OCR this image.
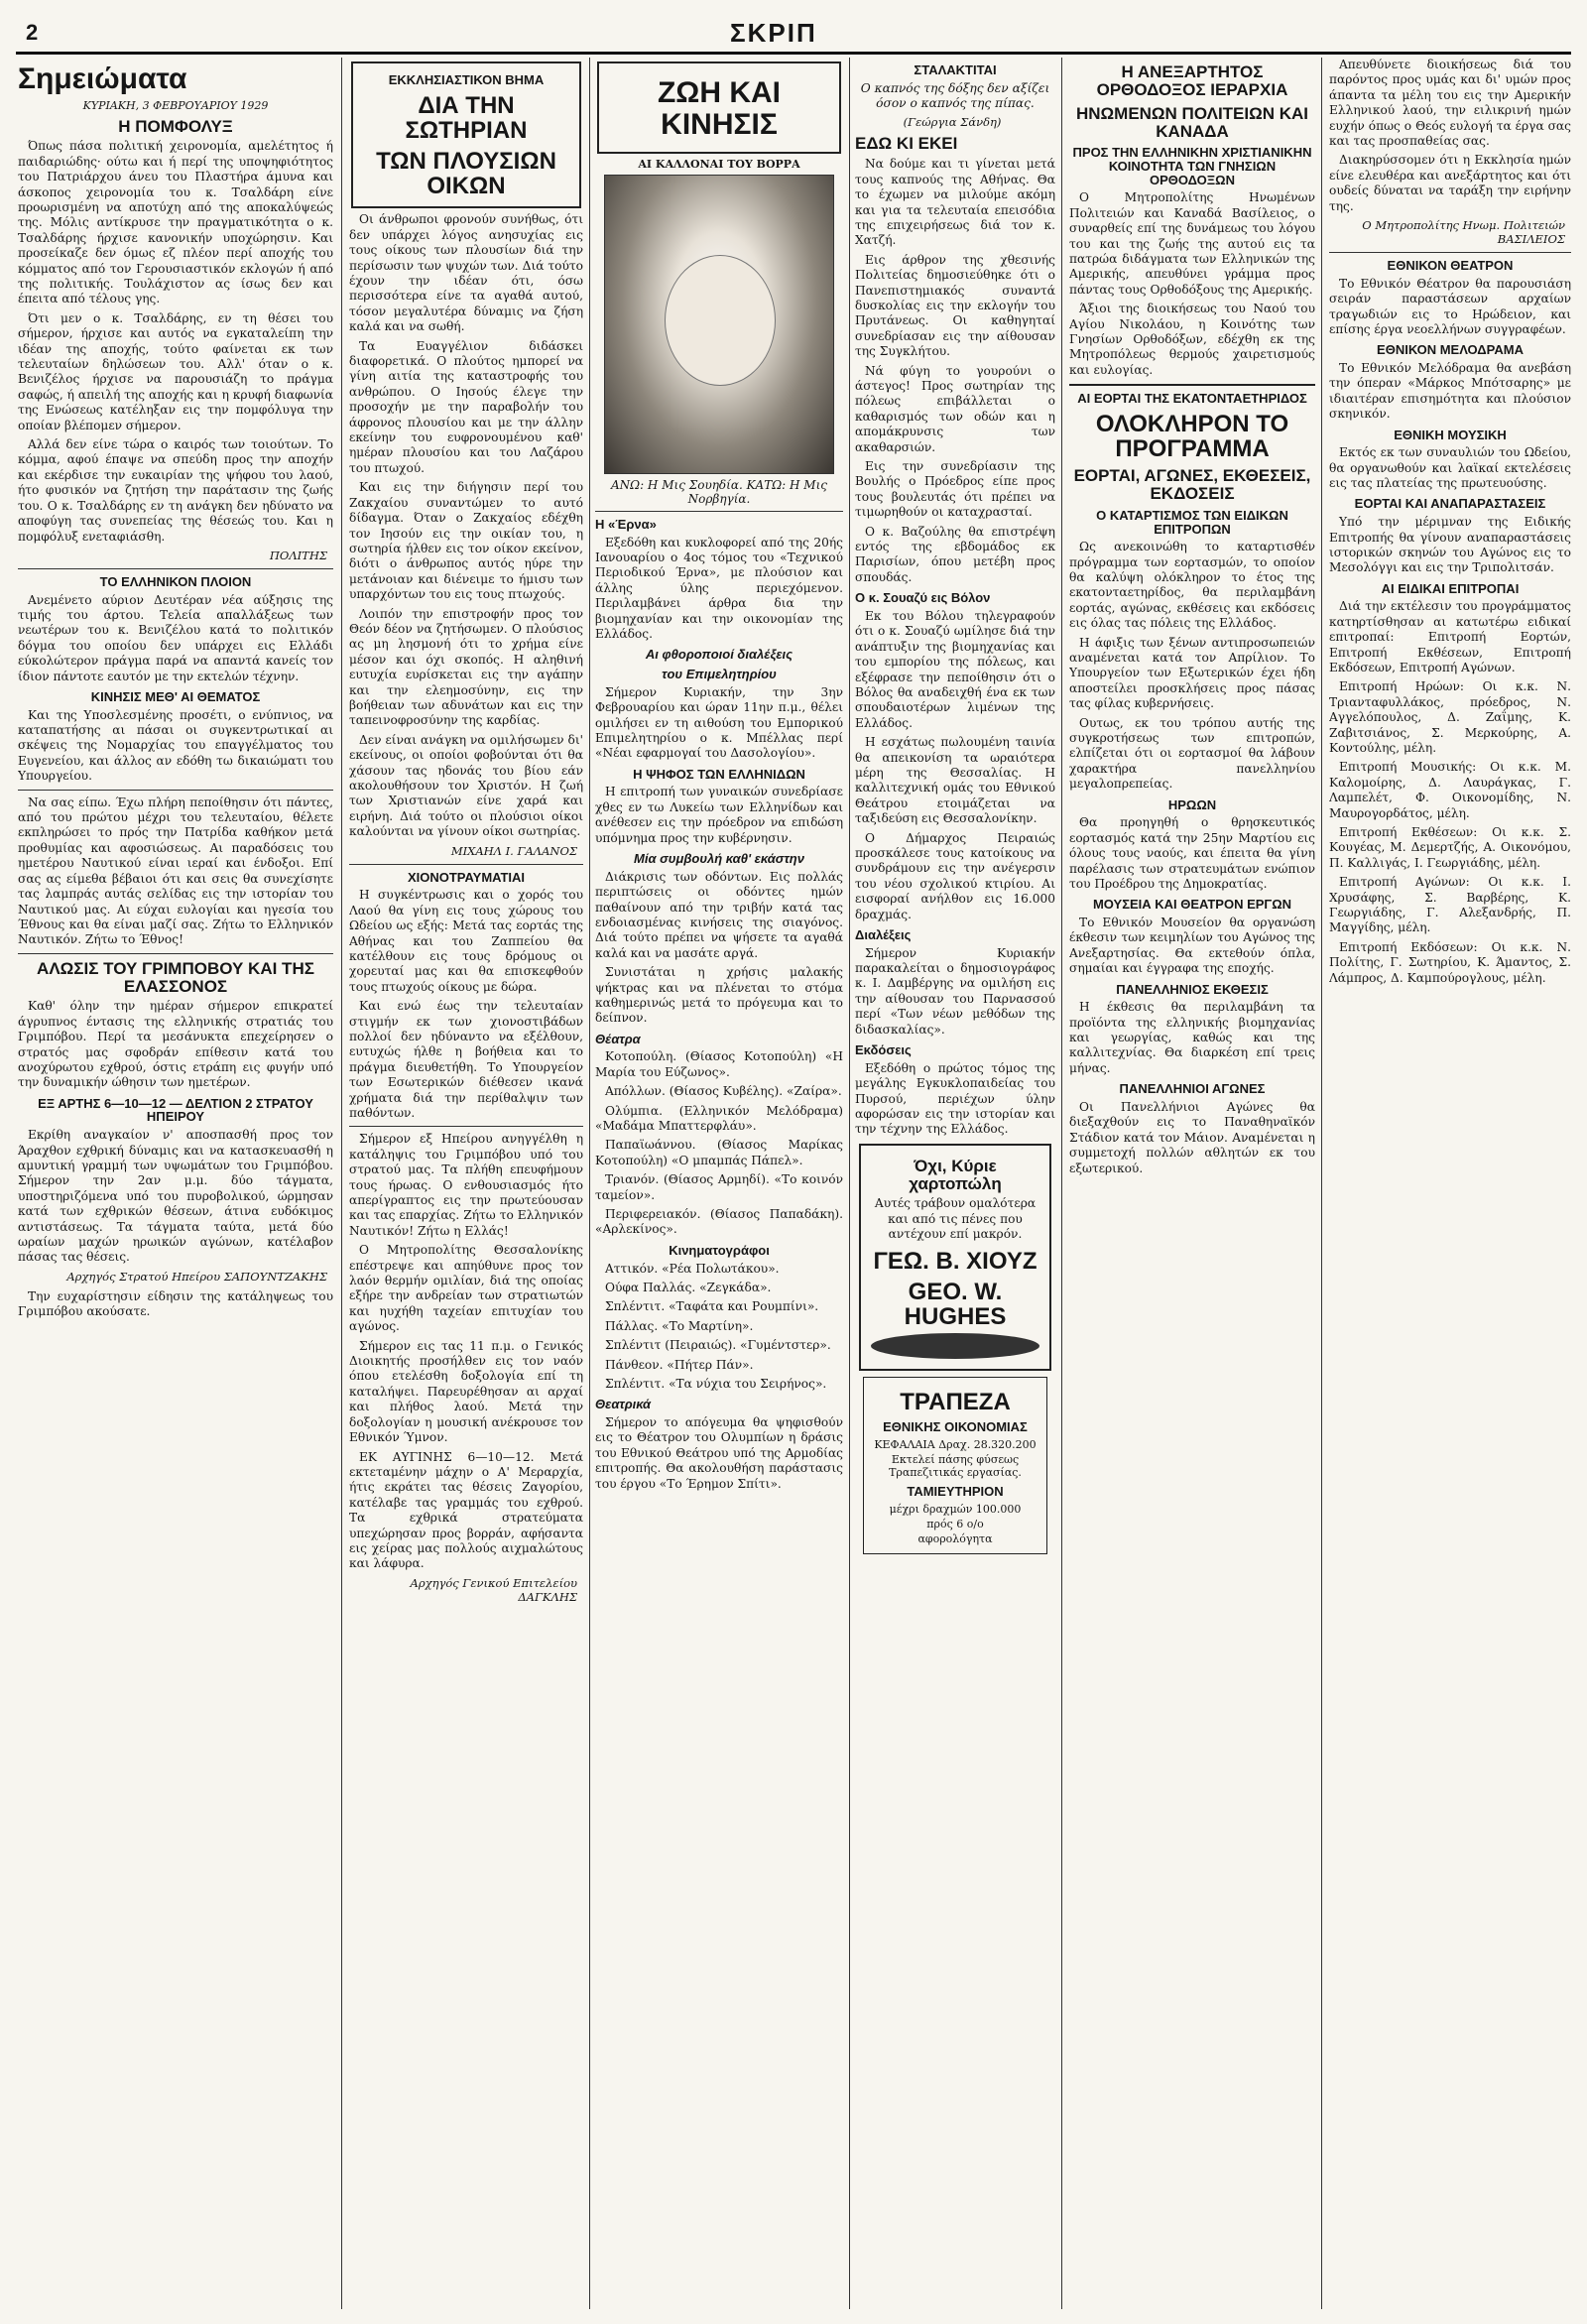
2	ΣΚΡΙΠ
Σημειώματα
ΚΥΡΙΑΚΗ, 3 ΦΕΒΡΟΥΑΡΙΟΥ 1929
Η ΠΟΜΦΟΛΥΞ

Όπως πάσα πολιτική χειρονομία, αμελέτητος ή παιδαριώδης· ούτω και ή περί της υποψηφιότητος του Πατριάρχου άνευ του Πλαστήρα άμυνα και άσκοπος χειρονομία του κ. Τσαλδάρη είνε προωρισμένη να αποτύχη από της αποκαλύψεώς της. Μόλις αντίκρυσε την πραγματικότητα ο κ. Τσαλδάρης ήρχισε κανονικήν υποχώρησιν. Και προσείκαζε δεν όμως εζ πλέον περί αποχής του κόμματος από τον Γερουσιαστικόν εκλογών ή από της πολιτικής. Τουλάχιστον ας ίσως δεν και έπειτα από τέλους γης.

Ότι μεν ο κ. Τσαλδάρης, εν τη θέσει του σήμερον, ήρχισε και αυτός να εγκαταλείπη την ιδέαν της αποχής, τούτο φαίνεται εκ των τελευταίων δηλώσεων του. Αλλ' όταν ο κ. Βενιζέλος ήρχισε να παρουσιάζη το πράγμα σαφώς, ή απειλή της αποχής και η κρυφή διαφωνία της Ενώσεως κατέληξαν εις την πομφόλυγα την οποίαν βλέπομεν σήμερον.

Αλλά δεν είνε τώρα ο καιρός των τοιούτων. Το κόμμα, αφού έπαψε να σπεύδη προς την αποχήν και εκέρδισε την ευκαιρίαν της ψήφου του λαού, ήτο φυσικόν να ζητήση την παράτασιν της ζωής του. Ο κ. Τσαλδάρης εν τη ανάγκη δεν ηδύνατο να αποφύγη τας συνεπείας της θέσεώς του. Και η πομφόλυξ ενεταφιάσθη.

ΠΟΛΙΤΗΣ
ΤΟ ΕΛΛΗΝΙΚΟΝ ΠΛΟΙΟΝ

Ανεμένετο αύριον Δευτέραν νέα αύξησις της τιμής του άρτου. Τελεία απαλλάξεως των νεωτέρων του κ. Βενιζέλου κατά το πολιτικόν δόγμα του οποίου δεν υπάρχει εις Ελλάδι εύκολώτερον πράγμα παρά να απαντά κανείς τον ίδιον πάντοτε εαυτόν με την εκτελών τέχνην.

ΚΙΝΗΣΙΣ ΜΕΘ' ΑΙ ΘΕΜΑΤΟΣ

Και της Υποσλεσμένης προσέτι, ο ενύπνιος, να καταπατήσης αι πάσαι οι συγκεντρωτικαί αι σκέψεις της Νομαρχίας του επαγγέλματος του Ευγενείου, και άλλος αν εδόθη τω δικαιώματι του Υπουργείου.

Να σας είπω. Έχω πλήρη πεποίθησιν ότι πάντες, από του πρώτου μέχρι του τελευταίου, θέλετε εκπληρώσει το πρός την Πατρίδα καθήκον μετά προθυμίας και αφοσιώσεως. Αι παραδόσεις του ημετέρου Ναυτικού είναι ιεραί και ένδοξοι. Επί σας ας είμεθα βέβαιοι ότι και σεις θα συνεχίσητε τας λαμπράς αυτάς σελίδας εις την ιστορίαν του Ναυτικού μας. Αι εύχαι ευλογίαι και ηγεσία του Έθνους και θα είναι μαζί σας. Ζήτω το Ελληνικόν Ναυτικόν. Ζήτω το Έθνος!

ΑΛΩΣΙΣ ΤΟΥ ΓΡΙΜΠΟΒΟΥ ΚΑΙ ΤΗΣ ΕΛΑΣΣΟΝΟΣ

Καθ' όλην την ημέραν σήμερον επικρατεί άγρυπνος έντασις της ελληνικής στρατιάς του Γριμπόβου. Περί τα μεσάνυκτα επεχείρησεν ο στρατός μας σφοδράν επίθεσιν κατά του ανοχύρωτου εχθρού, όστις ετράπη εις φυγήν υπό την δυναμικήν ώθησιν των ημετέρων.

ΕΞ ΑΡΤΗΣ 6—10—12 — ΔΕΛΤΙΟΝ 2 ΣΤΡΑΤΟΥ ΗΠΕΙΡΟΥ

Εκρίθη αναγκαίον ν' αποσπασθή προς τον Άραχθον εχθρική δύναμις και να κατασκευασθή η αμυντική γραμμή των υψωμάτων του Γριμπόβου. Σήμερον την 2αν μ.μ. δύο τάγματα, υποστηριζόμενα υπό του πυροβολικού, ώρμησαν κατά των εχθρικών θέσεων, άτινα ευδόκιμος αντιστάσεως. Τα τάγματα ταύτα, μετά δύο ωραίων μαχών ηρωικών αγώνων, κατέλαβον πάσας τας θέσεις.

Αρχηγός Στρατού Ηπείρου ΣΑΠΟΥΝΤΖΑΚΗΣ

Την ευχαρίστησιν είδησιν της κατάληψεως του Γριμπόβου ακούσατε.

ΕΚΚΛΗΣΙΑΣΤΙΚΟΝ ΒΗΜΑ
ΔΙΑ ΤΗΝ ΣΩΤΗΡΙΑΝ
ΤΩΝ ΠΛΟΥΣΙΩΝ ΟΙΚΩΝ

Οι άνθρωποι φρονούν συνήθως, ότι δεν υπάρχει λόγος ανησυχίας εις τους οίκους των πλουσίων διά την περίσωσιν των ψυχών των. Διά τούτο έχουν την ιδέαν ότι, όσω περισσότερα είνε τα αγαθά αυτού, τόσον μεγαλυτέρα δύναμις να ζήση καλά και να σωθή.

Τα Ευαγγέλιον διδάσκει διαφορετικά. Ο πλούτος ημπορεί να γίνη αιτία της καταστροφής του ανθρώπου. Ο Ιησούς έλεγε την προσοχήν με την παραβολήν του άφρονος πλουσίου και με την άλλην εκείνην του ευφρονουμένου καθ' ημέραν πλουσίου και του Λαζάρου του πτωχού.

Και εις την διήγησιν περί του Ζακχαίου συναντώμεν το αυτό δίδαγμα. Όταν ο Ζακχαίος εδέχθη τον Ιησούν εις την οικίαν του, η σωτηρία ήλθεν εις τον οίκον εκείνον, διότι ο άνθρωπος αυτός ηύρε την μετάνοιαν και διένειμε το ήμισυ των υπαρχόντων του εις τους πτωχούς.

Λοιπόν την επιστροφήν προς τον Θεόν δέον να ζητήσωμεν. Ο πλούσιος ας μη λησμονή ότι το χρήμα είνε μέσον και όχι σκοπός. Η αληθινή ευτυχία ευρίσκεται εις την αγάπην και την ελεημοσύνην, εις την βοήθειαν των αδυνάτων και εις την ταπεινοφροσύνην της καρδίας.

Δεν είναι ανάγκη να ομιλήσωμεν δι' εκείνους, οι οποίοι φοβούνται ότι θα χάσουν τας ηδονάς του βίου εάν ακολουθήσουν τον Χριστόν. Η ζωή των Χριστιανών είνε χαρά και ειρήνη. Διά τούτο οι πλούσιοι οίκοι καλούνται να γίνουν οίκοι σωτηρίας.

ΜΙΧΑΗΛ Ι. ΓΑΛΑΝΟΣ
ΧΙΟΝΟΤΡΑΥΜΑΤΙΑΙ

Η συγκέντρωσις και ο χορός του Λαού θα γίνη εις τους χώρους του Ωδείου ως εξής: Μετά τας εορτάς της Αθήνας και του Ζαππείου θα κατέλθουν εις τους δρόμους οι χορευταί μας και θα επισκεφθούν τους πτωχούς οίκους με δώρα.

Και ενώ έως την τελευταίαν στιγμήν εκ των χιονοστιβάδων πολλοί δεν ηδύναντο να εξέλθουν, ευτυχώς ήλθε η βοήθεια και το πράγμα διευθετήθη. Το Υπουργείον των Εσωτερικών διέθεσεν ικανά χρήματα διά την περίθαλψιν των παθόντων.

Σήμερον εξ Ηπείρου ανηγγέλθη η κατάληψις του Γριμπόβου υπό του στρατού μας. Τα πλήθη επευφήμουν τους ήρωας. Ο ενθουσιασμός ήτο απερίγραπτος εις την πρωτεύουσαν και τας επαρχίας. Ζήτω το Ελληνικόν Ναυτικόν! Ζήτω η Ελλάς!

Ο Μητροπολίτης Θεσσαλονίκης επέστρεψε και απηύθυνε προς τον λαόν θερμήν ομιλίαν, διά της οποίας εξήρε την ανδρείαν των στρατιωτών και ηυχήθη ταχείαν επιτυχίαν του αγώνος.

Σήμερον εις τας 11 π.μ. ο Γενικός Διοικητής προσήλθεν εις τον ναόν όπου ετελέσθη δοξολογία επί τη καταλήψει. Παρευρέθησαν αι αρχαί και πλήθος λαού. Μετά την δοξολογίαν η μουσική ανέκρουσε τον Εθνικόν Ύμνον.

ΕΚ ΑΥΓΙΝΗΣ 6—10—12. Μετά εκτεταμένην μάχην ο Α' Μεραρχία, ήτις εκράτει τας θέσεις Ζαγορίου, κατέλαβε τας γραμμάς του εχθρού. Τα εχθρικά στρατεύματα υπεχώρησαν προς βορράν, αφήσαντα εις χείρας μας πολλούς αιχμαλώτους και λάφυρα.

Αρχηγός Γενικού Επιτελείου ΔΑΓΚΛΗΣ
ΖΩΗ ΚΑΙ ΚΙΝΗΣΙΣ
ΑΙ ΚΑΛΛΟΝΑΙ ΤΟΥ ΒΟΡΡΑ
ΑΝΩ: Η Μις Σουηδία. ΚΑΤΩ: Η Μις Νορβηγία.
Η «Έρνα»

Εξεδόθη και κυκλοφορεί από της 20ής Ιανουαρίου ο 4ος τόμος του «Τεχνικού Περιοδικού Έρνα», με πλούσιον και άλλης ύλης περιεχόμενον. Περιλαμβάνει άρθρα δια την βιομηχανίαν και την οικονομίαν της Ελλάδος.

Αι φθοροποιοί διαλέξεις
του Επιμελητηρίου

Σήμερον Κυριακήν, την 3ην Φεβρουαρίου και ώραν 11ην π.μ., θέλει ομιλήσει εν τη αιθούση του Εμπορικού Επιμελητηρίου ο κ. Μπέλλας περί «Νέαι εφαρμογαί του Δασολογίου».

Η ΨΗΦΟΣ ΤΩΝ ΕΛΛΗΝΙΔΩΝ

Η επιτροπή των γυναικών συνεδρίασε χθες εν τω Λυκείω των Ελληνίδων και ανέθεσεν εις την πρόεδρον να επιδώση υπόμνημα προς την κυβέρνησιν.

Μία συμβουλή καθ' εκάστην

Διάκρισις των οδόντων. Εις πολλάς περιπτώσεις οι οδόντες ημών παθαίνουν από την τριβήν κατά τας ενδοιασμένας κινήσεις της σιαγόνος. Διά τούτο πρέπει να ψήσετε τα αγαθά καλά και να μασάτε αργά.

Συνιστάται η χρήσις μαλακής ψήκτρας και να πλένεται το στόμα καθημερινώς μετά το πρόγευμα και το δείπνον.

Θέατρα

Κοτοπούλη. (Θίασος Κοτοπούλη) «Η Μαρία του Εύζωνος».

Απόλλων. (Θίασος Κυβέλης). «Ζαίρα».

Ολύμπια. (Ελληνικόν Μελόδραμα) «Μαδάμα Μπαττερφλάυ».

Παπαϊωάννου. (Θίασος Μαρίκας Κοτοπούλη) «Ο μπαμπάς Πάπελ».

Τριανόν. (Θίασος Αρμηδί). «Το κοινόν ταμείον».

Περιφερειακόν. (Θίασος Παπαδάκη). «Αρλεκίνος».

Κινηματογράφοι

Αττικόν. «Ρέα Πολωτάκου».

Ούφα Παλλάς. «Ζεγκάδα».

Σπλέντιτ. «Ταφάτα και Ρουμπίνι».

Πάλλας. «Το Μαρτίνη».

Σπλέντιτ (Πειραιώς). «Γυμέντστερ».

Πάνθεον. «Πήτερ Πάν».

Σπλέντιτ. «Τα νύχια του Σειρήνος».

Θεατρικά

Σήμερον το απόγευμα θα ψηφισθούν εις το Θέατρον του Ολυμπίων η δράσις του Εθνικού Θεάτρου υπό της Αρμοδίας επιτροπής. Θα ακολουθήση παράστασις του έργου «Το Έρημον Σπίτι».

ΣΤΑΛΑΚΤΙΤΑΙ

Ο καπνός της δόξης δεν αξίζει όσον ο καπνός της πίπας.

(Γεώργια Σάνδη)
ΕΔΩ ΚΙ ΕΚΕΙ

Να δούμε και τι γίνεται μετά τους καπνούς της Αθήνας. Θα το έχωμεν να μιλούμε ακόμη και για τα τελευταία επεισόδια της επιχειρήσεως διά τον κ. Χατζή.

Εις άρθρον της χθεσινής Πολιτείας δημοσιεύθηκε ότι ο Πανεπιστημιακός συναντά δυσκολίας εις την εκλογήν του Πρυτάνεως. Οι καθηγηταί συνεδρίασαν εις την αίθουσαν της Συγκλήτου.

Νά φύγη το γουρούνι ο άστεγος! Προς σωτηρίαν της πόλεως επιβάλλεται ο καθαρισμός των οδών και η απομάκρυνσις των ακαθαρσιών.

Εις την συνεδρίασιν της Βουλής ο Πρόεδρος είπε προς τους βουλευτάς ότι πρέπει να τιμωρηθούν οι καταχρασταί.

Ο κ. Βαζούλης θα επιστρέψη εντός της εβδομάδος εκ Παρισίων, όπου μετέβη προς σπουδάς.

Ο κ. Σουαζύ εις Βόλον

Εκ του Βόλου τηλεγραφούν ότι ο κ. Σουαζύ ωμίλησε διά την ανάπτυξιν της βιομηχανίας και του εμπορίου της πόλεως, και εξέφρασε την πεποίθησιν ότι ο Βόλος θα αναδειχθή ένα εκ των σπουδαιοτέρων λιμένων της Ελλάδος.

Η εσχάτως πωλουμένη ταινία θα απεικονίση τα ωραιότερα μέρη της Θεσσαλίας. Η καλλιτεχνική ομάς του Εθνικού Θεάτρου ετοιμάζεται να ταξιδεύση εις Θεσσαλονίκην.

Ο Δήμαρχος Πειραιώς προσκάλεσε τους κατοίκους να συνδράμουν εις την ανέγερσιν του νέου σχολικού κτιρίου. Αι εισφοραί ανήλθον εις 16.000 δραχμάς.

Διαλέξεις

Σήμερον Κυριακήν παρακαλείται ο δημοσιογράφος κ. Ι. Δαμβέργης να ομιλήση εις την αίθουσαν του Παρνασσού περί «Των νέων μεθόδων της διδασκαλίας».

Εκδόσεις

Εξεδόθη ο πρώτος τόμος της μεγάλης Εγκυκλοπαιδείας του Πυρσού, περιέχων ύλην αφορώσαν εις την ιστορίαν και την τέχνην της Ελλάδος.

Όχι, Κύριε χαρτοπώλη

Αυτές τράβουν ομαλότερα και από τις πένες που αντέχουν επί μακρόν.

ΓΕΩ. Β. ΧΙΟΥΖ
GEO. W. HUGHES
ΤΡΑΠΕΖΑ
ΕΘΝΙΚΗΣ ΟΙΚΟΝΟΜΙΑΣ
ΚΕΦΑΛΑΙΑ Δραχ. 28.320.200
Εκτελεί πάσης φύσεως Τραπεζιτικάς εργασίας.
ΤΑΜΙΕΥΤΗΡΙΟΝ
μέχρι δραχμών 100.000
πρός 6 ο/ο
αφορολόγητα
Η ΑΝΕΞΑΡΤΗΤΟΣ ΟΡΘΟΔΟΞΟΣ ΙΕΡΑΡΧΙΑ
ΗΝΩΜΕΝΩΝ ΠΟΛΙΤΕΙΩΝ ΚΑΙ ΚΑΝΑΔΑ
ΠΡΟΣ ΤΗΝ ΕΛΛΗΝΙΚΗΝ ΧΡΙΣΤΙΑΝΙΚΗΝ ΚΟΙΝΟΤΗΤΑ ΤΩΝ ΓΝΗΣΙΩΝ ΟΡΘΟΔΟΞΩΝ

Ο Μητροπολίτης Ηνωμένων Πολιτειών και Καναδά Βασίλειος, ο συναρθείς επί της δυνάμεως του λόγου του και της ζωής της αυτού εις τα πατρώα διδάγματα των Ελληνικών της Αμερικής, απευθύνει γράμμα προς πάντας τους Ορθοδόξους της Αμερικής.

Άξιοι της διοικήσεως του Ναού του Αγίου Νικολάου, η Κοινότης των Γνησίων Ορθοδόξων, εδέχθη εκ της Μητροπόλεως θερμούς χαιρετισμούς και ευλογίας.

ΑΙ ΕΟΡΤΑΙ ΤΗΣ ΕΚΑΤΟΝΤΑΕΤΗΡΙΔΟΣ
ΟΛΟΚΛΗΡΟΝ ΤΟ ΠΡΟΓΡΑΜΜΑ
ΕΟΡΤΑΙ, ΑΓΩΝΕΣ, ΕΚΘΕΣΕΙΣ, ΕΚΔΟΣΕΙΣ
Ο ΚΑΤΑΡΤΙΣΜΟΣ ΤΩΝ ΕΙΔΙΚΩΝ ΕΠΙΤΡΟΠΩΝ

Ως ανεκοινώθη το καταρτισθέν πρόγραμμα των εορτασμών, το οποίον θα καλύψη ολόκληρον το έτος της εκατονταετηρίδος, θα περιλαμβάνη εορτάς, αγώνας, εκθέσεις και εκδόσεις εις όλας τας πόλεις της Ελλάδος.

Η άφιξις των ξένων αντιπροσωπειών αναμένεται κατά τον Απρίλιον. Το Υπουργείον των Εξωτερικών έχει ήδη αποστείλει προσκλήσεις προς πάσας τας φίλας κυβερνήσεις.

Ουτως, εκ του τρόπου αυτής της συγκροτήσεως των επιτροπών, ελπίζεται ότι οι εορτασμοί θα λάβουν χαρακτήρα πανελληνίου μεγαλοπρεπείας.

ΗΡΩΩΝ

Θα προηγηθή ο θρησκευτικός εορτασμός κατά την 25ην Μαρτίου εις όλους τους ναούς, και έπειτα θα γίνη παρέλασις των στρατευμάτων ενώπιον του Προέδρου της Δημοκρατίας.

ΜΟΥΣΕΙΑ ΚΑΙ ΘΕΑΤΡΟΝ ΕΡΓΩΝ

Το Εθνικόν Μουσείον θα οργανώση έκθεσιν των κειμηλίων του Αγώνος της Ανεξαρτησίας. Θα εκτεθούν όπλα, σημαίαι και έγγραφα της εποχής.

ΠΑΝΕΛΛΗΝΙΟΣ ΕΚΘΕΣΙΣ

Η έκθεσις θα περιλαμβάνη τα προϊόντα της ελληνικής βιομηχανίας και γεωργίας, καθώς και της καλλιτεχνίας. Θα διαρκέση επί τρεις μήνας.

ΠΑΝΕΛΛΗΝΙΟΙ ΑΓΩΝΕΣ

Οι Πανελλήνιοι Αγώνες θα διεξαχθούν εις το Παναθηναϊκόν Στάδιον κατά τον Μάιον. Αναμένεται η συμμετοχή πολλών αθλητών εκ του εξωτερικού.

Απευθύνετε διοικήσεως διά του παρόντος προς υμάς και δι' υμών προς άπαντα τα μέλη του εις την Αμερικήν Ελληνικού λαού, την ειλικρινή ημών ευχήν όπως ο Θεός ευλογή τα έργα σας και τας προσπαθείας σας.

Διακηρύσσομεν ότι η Εκκλησία ημών είνε ελευθέρα και ανεξάρτητος και ότι ουδείς δύναται να ταράξη την ειρήνην της.

Ο Μητροπολίτης Ηνωμ. Πολιτειών ΒΑΣΙΛΕΙΟΣ
ΕΘΝΙΚΟΝ ΘΕΑΤΡΟΝ

Το Εθνικόν Θέατρον θα παρουσιάση σειράν παραστάσεων αρχαίων τραγωδιών εις το Ηρώδειον, και επίσης έργα νεοελλήνων συγγραφέων.

ΕΘΝΙΚΟΝ ΜΕΛΟΔΡΑΜΑ

Το Εθνικόν Μελόδραμα θα ανεβάση την όπεραν «Μάρκος Μπότσαρης» με ιδιαιτέραν επισημότητα και πλούσιον σκηνικόν.

ΕΘΝΙΚΗ ΜΟΥΣΙΚΗ

Εκτός εκ των συναυλιών του Ωδείου, θα οργανωθούν και λαϊκαί εκτελέσεις εις τας πλατείας της πρωτευούσης.

ΕΟΡΤΑΙ ΚΑΙ ΑΝΑΠΑΡΑΣΤΑΣΕΙΣ

Υπό την μέριμναν της Ειδικής Επιτροπής θα γίνουν αναπαραστάσεις ιστορικών σκηνών του Αγώνος εις το Μεσολόγγι και εις την Τριπολιτσάν.

ΑΙ ΕΙΔΙΚΑΙ ΕΠΙΤΡΟΠΑΙ

Διά την εκτέλεσιν του προγράμματος κατηρτίσθησαν αι κατωτέρω ειδικαί επιτροπαί: Επιτροπή Εορτών, Επιτροπή Εκθέσεων, Επιτροπή Εκδόσεων, Επιτροπή Αγώνων.

Επιτροπή Ηρώων: Οι κ.κ. Ν. Τριανταφυλλάκος, πρόεδρος, Ν. Αγγελόπουλος, Δ. Ζαΐμης, Κ. Ζαβιτσιάνος, Σ. Μερκούρης, Α. Κοντούλης, μέλη.

Επιτροπή Μουσικής: Οι κ.κ. Μ. Καλομοίρης, Δ. Λαυράγκας, Γ. Λαμπελέτ, Φ. Οικονομίδης, Ν. Μαυρογορδάτος, μέλη.

Επιτροπή Εκθέσεων: Οι κ.κ. Σ. Κουγέας, Μ. Δεμερτζής, Α. Οικονόμου, Π. Καλλιγάς, Ι. Γεωργιάδης, μέλη.

Επιτροπή Αγώνων: Οι κ.κ. Ι. Χρυσάφης, Σ. Βαρβέρης, Κ. Γεωργιάδης, Γ. Αλεξανδρής, Π. Μαγγίδης, μέλη.

Επιτροπή Εκδόσεων: Οι κ.κ. Ν. Πολίτης, Γ. Σωτηρίου, Κ. Άμαντος, Σ. Λάμπρος, Δ. Καμπούρογλους, μέλη.
